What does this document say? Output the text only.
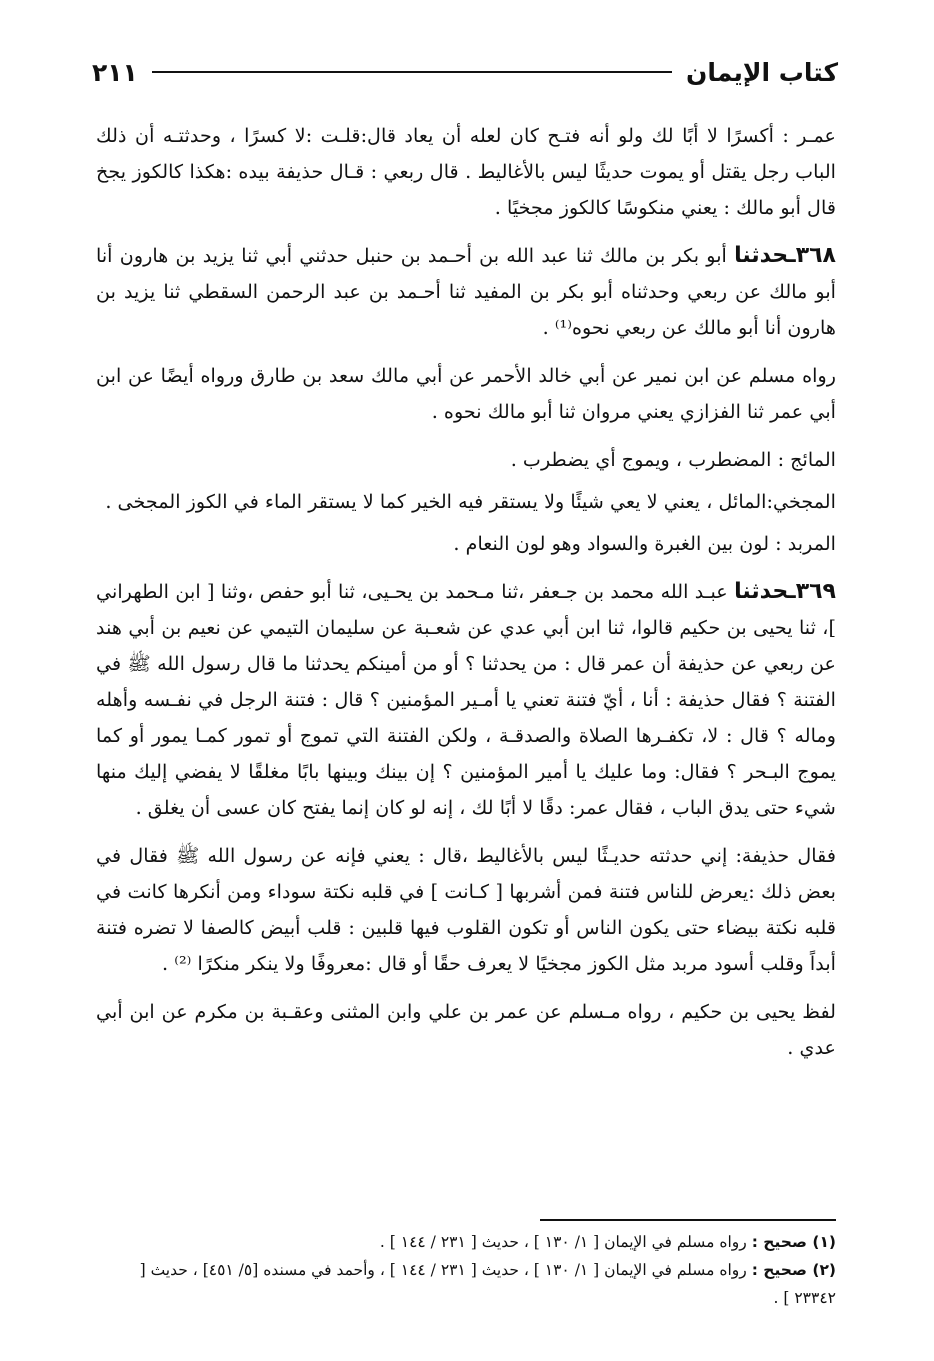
كتاب الإيمان
٢١١

عمـر : أكسرًا لا أبًا لك ولو أنه فتـح كان لعله أن يعاد قال:قلـت :لا كسرًا ، وحدثتـه أن ذلك الباب رجل يقتل أو يموت حديثًا ليس بالأغاليط . قال ربعي : قـال حذيفة بيده :هكذا كالكوز يجخ قال أبو مالك : يعني منكوسًا كالكوز مجخيًا .

٣٦٨ـحدثنا أبو بكر بن مالك ثنا عبد الله بن أحـمد بن حنبل حدثني أبي ثنا يزيد بن هارون أنا أبو مالك عن ربعي وحدثناه أبو بكر بن المفيد ثنا أحـمد بن عبد الرحمن السقطي ثنا يزيد بن هارون أنا أبو مالك عن ربعي نحوه⁽¹⁾ .

رواه مسلم عن ابن نمير عن أبي خالد الأحمر عن أبي مالك سعد بن طارق ورواه أيضًا عن ابن أبي عمر ثنا الفزازي يعني مروان ثنا أبو مالك نحوه .

المائج : المضطرب ، ويموج أي يضطرب .

المجخي:المائل ، يعني لا يعي شيئًا ولا يستقر فيه الخير كما لا يستقر الماء في الكوز المجخى .

المربد : لون بين الغبرة والسواد وهو لون النعام .

٣٦٩ـحدثنا عبـد الله محمد بن جـعفر ،ثنا مـحمد بن يحـيى، ثنا أبو حفص ،وثنا [ ابن الطهراني ]، ثنا يحيى بن حكيم قالوا، ثنا ابن أبي عدي عن شعـبة عن سليمان التيمي عن نعيم بن أبي هند عن ربعي عن حذيفة أن عمر قال : من يحدثنا ؟ أو من أمينكم يحدثنا ما قال رسول الله ﷺ في الفتنة ؟ فقال حذيفة : أنا ، أيّ فتنة تعني يا أمـير المؤمنين ؟ قال : فتنة الرجل في نفـسه وأهله وماله ؟ قال : لا، تكفـرها الصلاة والصدقـة ، ولكن الفتنة التي تموج أو تمور كمـا يمور أو كما يموج البـحر ؟ فقال: وما عليك يا أمير المؤمنين ؟ إن بينك وبينها بابًا مغلقًا لا يفضي إليك منها شيء حتى يدق الباب ، فقال عمر: دقًا لا أبًا لك ، إنه لو كان إنما يفتح كان عسى أن يغلق .

فقال حذيفة: إني حدثته حديـثًا ليس بالأغاليط ،قال : يعني فإنه عن رسول الله ﷺ فقال في بعض ذلك :يعرض للناس فتنة فمن أشربها [ كـانت ] في قلبه نكتة سوداء ومن أنكرها كانت في قلبه نكتة بيضاء حتى يكون الناس أو تكون القلوب فيها قلبين : قلب أبيض كالصفا لا تضره فتنة أبداً وقلب أسود مربد مثل الكوز مجخيًا لا يعرف حقًا أو قال :معروفًا ولا ينكر منكرًا ⁽²⁾ .

لفظ يحيى بن حكيم ، رواه مـسلم عن عمر بن علي وابن المثنى وعقـبة بن مكرم عن ابن أبي عدي .

(١) صحيح : رواه مسلم في الإيمان [ ١/ ١٣٠ ] ، حديث [ ٢٣١ / ١٤٤ ] .

(٢) صحيح : رواه مسلم في الإيمان [ ١/ ١٣٠ ] ، حديث [ ٢٣١ / ١٤٤ ] ، وأحمد في مسنده [٥/ ٤٥١] ، حديث [ ٢٣٣٤٢ ] .
